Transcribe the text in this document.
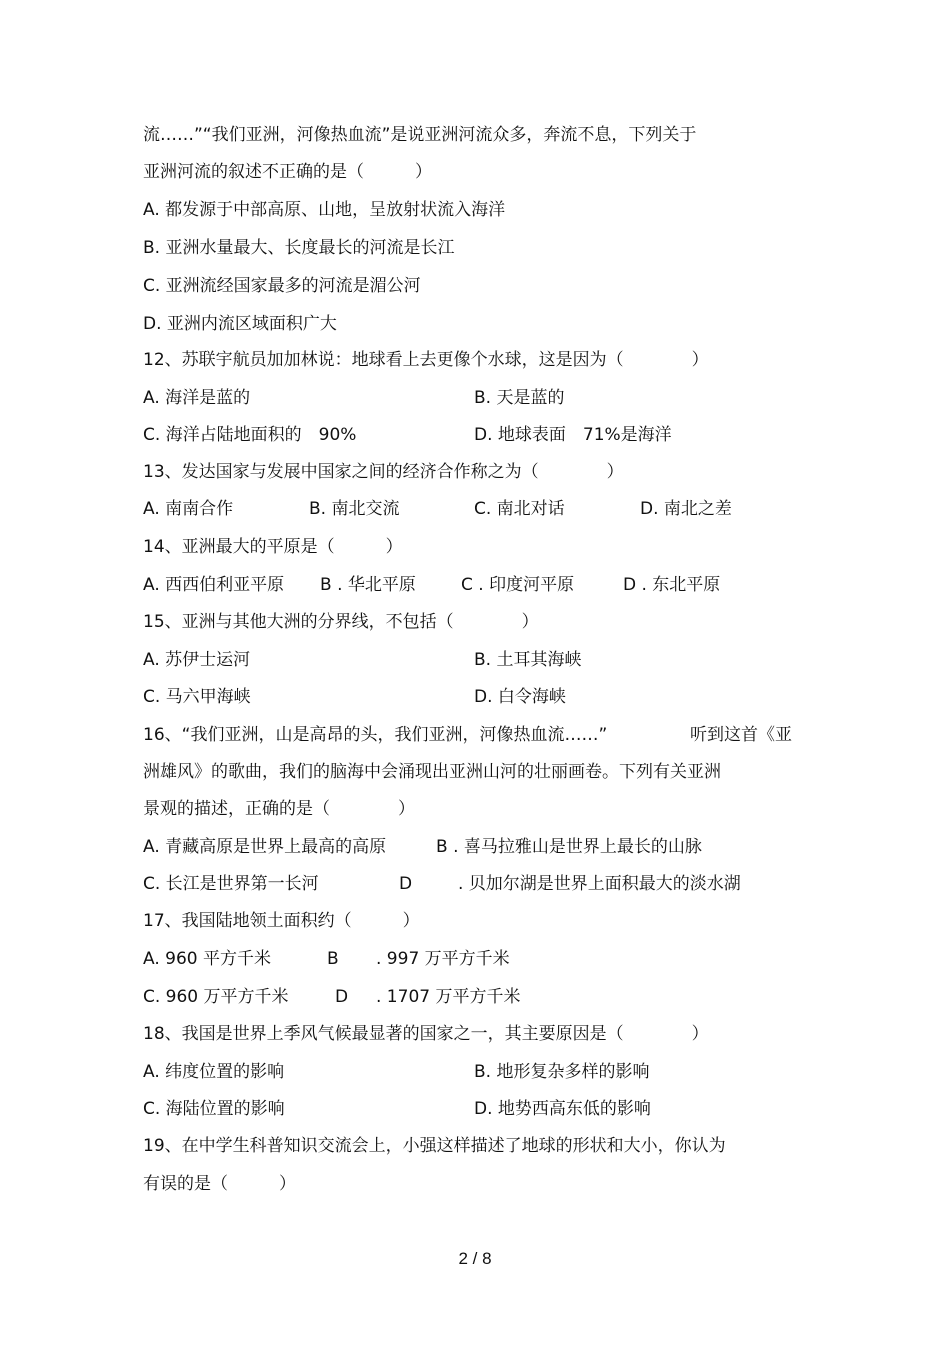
流……”“我们亚洲，河像热血流”是说亚洲河流众多，奔流不息，下列关于
亚洲河流的叙述不正确的是（　　　）
A. 都发源于中部高原、山地，呈放射状流入海洋
B. 亚洲水量最大、长度最长的河流是长江
C. 亚洲流经国家最多的河流是湄公河
D. 亚洲内流区域面积广大
12、苏联宇航员加加林说：地球看上去更像个水球，这是因为（　　　　）
A. 海洋是蓝的	B. 天是蓝的
C. 海洋占陆地面积的　90%	D. 地球表面　71%是海洋
13、发达国家与发展中国家之间的经济合作称之为（　　　　）
A. 南南合作	B. 南北交流	C. 南北对话	D. 南北之差
14、亚洲最大的平原是（　　　）
A. 西西伯利亚平原 B . 华北平原	C . 印度河平原	D . 东北平原
15、亚洲与其他大洲的分界线，不包括（　　　　）
A. 苏伊士运河	B. 土耳其海峡
C. 马六甲海峡	D. 白令海峡
16、“我们亚洲，山是高昂的头，我们亚洲，河像热血流……”	听到这首《亚
洲雄风》的歌曲，我们的脑海中会涌现出亚洲山河的壮丽画卷。下列有关亚洲
景观的描述，正确的是（　　　　）
A. 青藏高原是世界上最高的高原	B . 喜马拉雅山是世界上最长的山脉
C. 长江是世界第一长河	D	. 贝加尔湖是世界上面积最大的淡水湖
17、我国陆地领土面积约（　　　）
A. 960 平方千米	B . 997 万平方千米
C. 960 万平方千米	D . 1707 万平方千米
18、我国是世界上季风气候最显著的国家之一，其主要原因是（　　　　）
A. 纬度位置的影响	B. 地形复杂多样的影响
C. 海陆位置的影响	D. 地势西高东低的影响
19、在中学生科普知识交流会上，小强这样描述了地球的形状和大小，你认为
有误的是（　　　）
2 / 8
